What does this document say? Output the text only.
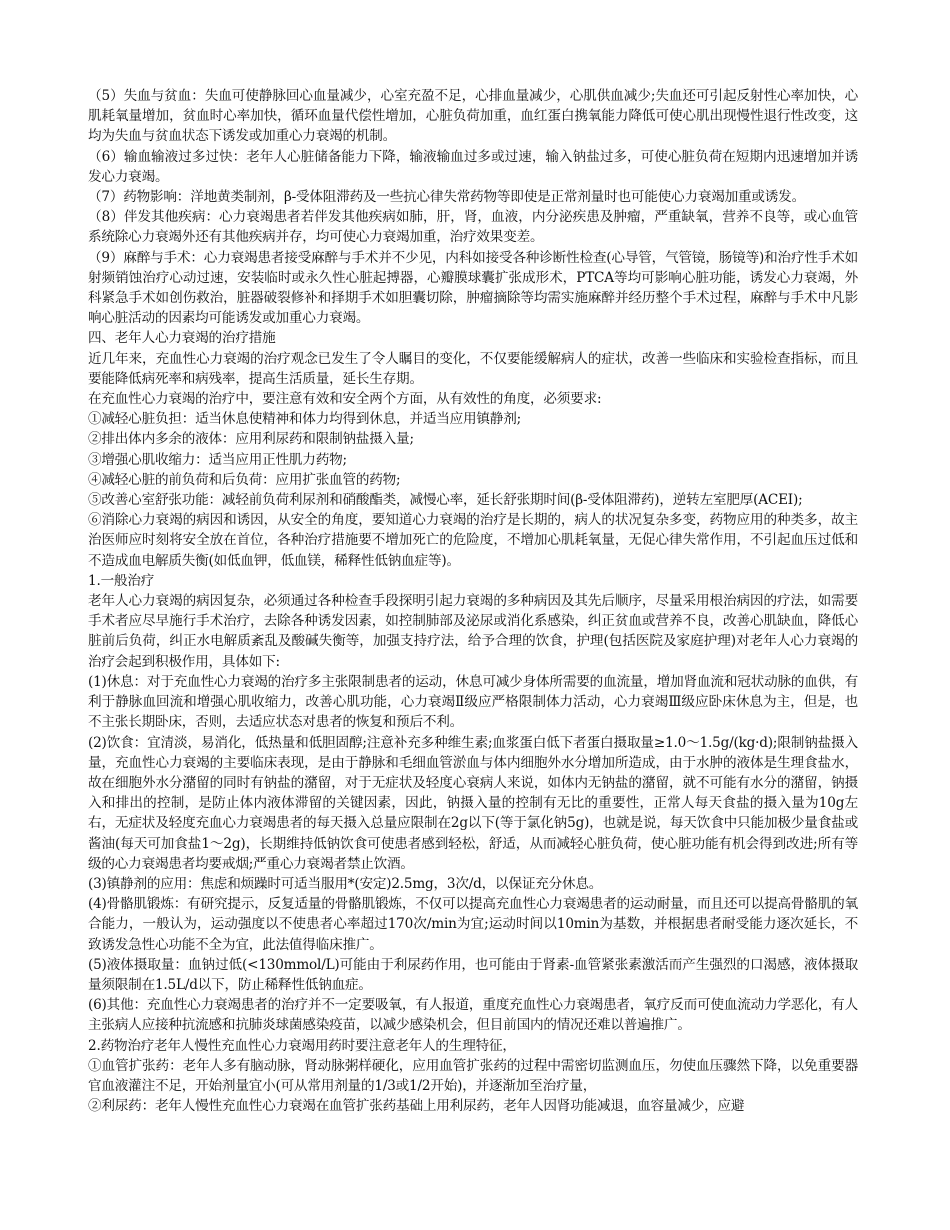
（5）失血与贫血：失血可使静脉回心血量减少，心室充盈不足，心排血量减少，心肌供血减少;失血还可引起反射性心率加快，心肌耗氧量增加，贫血时心率加快，循环血量代偿性增加，心脏负荷加重，血红蛋白携氧能力降低可使心肌出现慢性退行性改变，这均为失血与贫血状态下诱发或加重心力衰竭的机制。

（6）输血输液过多过快：老年人心脏储备能力下降，输液输血过多或过速，输入钠盐过多，可使心脏负荷在短期内迅速增加并诱发心力衰竭。

（7）药物影响：洋地黄类制剂，β-受体阻滞药及一些抗心律失常药物等即使是正常剂量时也可能使心力衰竭加重或诱发。

（8）伴发其他疾病：心力衰竭患者若伴发其他疾病如肺，肝，肾，血液，内分泌疾患及肿瘤，严重缺氧，营养不良等，或心血管系统除心力衰竭外还有其他疾病并存，均可使心力衰竭加重，治疗效果变差。

（9）麻醉与手术：心力衰竭患者接受麻醉与手术并不少见，内科如接受各种诊断性检查(心导管，气管镜，肠镜等)和治疗性手术如射频销蚀治疗心动过速，安装临时或永久性心脏起搏器，心瓣膜球囊扩张成形术，PTCA等均可影响心脏功能，诱发心力衰竭，外科紧急手术如创伤救治，脏器破裂修补和择期手术如胆囊切除，肿瘤摘除等均需实施麻醉并经历整个手术过程，麻醉与手术中凡影响心脏活动的因素均可能诱发或加重心力衰竭。

四、老年人心力衰竭的治疗措施

近几年来，充血性心力衰竭的治疗观念已发生了令人瞩目的变化，不仅要能缓解病人的症状，改善一些临床和实验检查指标，而且要能降低病死率和病残率，提高生活质量，延长生存期。

在充血性心力衰竭的治疗中，要注意有效和安全两个方面，从有效性的角度，必须要求:

①减轻心脏负担：适当休息使精神和体力均得到休息，并适当应用镇静剂;

②排出体内多余的液体：应用利尿药和限制钠盐摄入量;

③增强心肌收缩力：适当应用正性肌力药物;

④减轻心脏的前负荷和后负荷：应用扩张血管的药物;

⑤改善心室舒张功能：减轻前负荷利尿剂和硝酸酯类，减慢心率，延长舒张期时间(β-受体阻滞药)，逆转左室肥厚(ACEⅠ);

⑥消除心力衰竭的病因和诱因，从安全的角度，要知道心力衰竭的治疗是长期的，病人的状况复杂多变，药物应用的种类多，故主治医师应时刻将安全放在首位，各种治疗措施要不增加死亡的危险度，不增加心肌耗氧量，无促心律失常作用，不引起血压过低和不造成血电解质失衡(如低血钾，低血镁，稀释性低钠血症等)。

1.一般治疗

老年人心力衰竭的病因复杂，必须通过各种检查手段探明引起力衰竭的多种病因及其先后顺序，尽量采用根治病因的疗法，如需要手术者应尽早施行手术治疗，去除各种诱发因素，如控制肺部及泌尿或消化系感染，纠正贫血或营养不良，改善心肌缺血，降低心脏前后负荷，纠正水电解质紊乱及酸碱失衡等，加强支持疗法，给予合理的饮食，护理(包括医院及家庭护理)对老年人心力衰竭的治疗会起到积极作用，具体如下:

(1)休息：对于充血性心力衰竭的治疗多主张限制患者的运动，休息可减少身体所需要的血流量，增加肾血流和冠状动脉的血供，有利于静脉血回流和增强心肌收缩力，改善心肌功能，心力衰竭Ⅱ级应严格限制体力活动，心力衰竭Ⅲ级应卧床休息为主，但是，也不主张长期卧床，否则，去适应状态对患者的恢复和预后不利。

(2)饮食：宜清淡，易消化，低热量和低胆固醇;注意补充多种维生素;血浆蛋白低下者蛋白摄取量≥1.0～1.5g/(kg·d);限制钠盐摄入量，充血性心力衰竭的主要临床表现，是由于静脉和毛细血管淤血与体内细胞外水分增加所造成，由于水肿的液体是生理食盐水，故在细胞外水分潴留的同时有钠盐的潴留，对于无症状及轻度心衰病人来说，如体内无钠盐的潴留，就不可能有水分的潴留，钠摄入和排出的控制，是防止体内液体滞留的关键因素，因此，钠摄入量的控制有无比的重要性，正常人每天食盐的摄入量为10g左右，无症状及轻度充血心力衰竭患者的每天摄入总量应限制在2g以下(等于氯化钠5g)，也就是说，每天饮食中只能加极少量食盐或酱油(每天可加食盐1～2g)，长期维持低钠饮食可使患者感到轻松，舒适，从而减轻心脏负荷，使心脏功能有机会得到改进;所有等级的心力衰竭患者均要戒烟;严重心力衰竭者禁止饮酒。

(3)镇静剂的应用：焦虑和烦躁时可适当服用*(安定)2.5mg，3次/d，以保证充分休息。

(4)骨骼肌锻炼：有研究提示，反复适量的骨骼肌锻炼，不仅可以提高充血性心力衰竭患者的运动耐量，而且还可以提高骨骼肌的氧合能力，一般认为，运动强度以不使患者心率超过170次/min为宜;运动时间以10min为基数，并根据患者耐受能力逐次延长，不致诱发急性心功能不全为宜，此法值得临床推广。

(5)液体摄取量：血钠过低(<130mmol/L)可能由于利尿药作用，也可能由于肾素-血管紧张素激活而产生强烈的口渴感，液体摄取量须限制在1.5L/d以下，防止稀释性低钠血症。

(6)其他：充血性心力衰竭患者的治疗并不一定要吸氧，有人报道，重度充血性心力衰竭患者，氧疗反而可使血流动力学恶化，有人主张病人应接种抗流感和抗肺炎球菌感染疫苗，以减少感染机会，但目前国内的情况还难以普遍推广。

2.药物治疗老年人慢性充血性心力衰竭用药时要注意老年人的生理特征，

①血管扩张药：老年人多有脑动脉，肾动脉粥样硬化，应用血管扩张药的过程中需密切监测血压，勿使血压骤然下降，以免重要器官血液灌注不足，开始剂量宜小(可从常用剂量的1/3或1/2开始)，并逐渐加至治疗量，

②利尿药：老年人慢性充血性心力衰竭在血管扩张药基础上用利尿药，老年人因肾功能减退，血容量减少，应避
